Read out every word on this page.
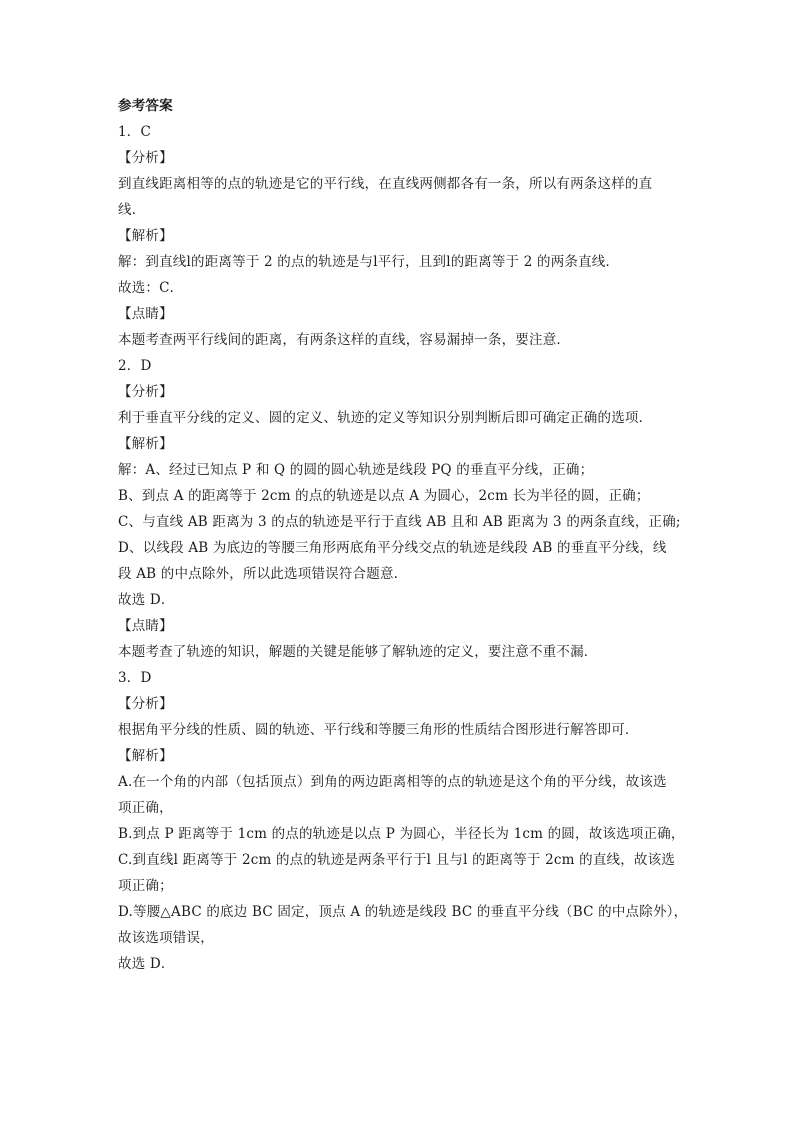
参考答案
1．C
【分析】
到直线距离相等的点的轨迹是它的平行线，在直线两侧都各有一条，所以有两条这样的直
线．
【解析】
解：到直线l的距离等于 2 的点的轨迹是与l平行，且到l的距离等于 2 的两条直线．
故选：C．
【点睛】
本题考查两平行线间的距离，有两条这样的直线，容易漏掉一条，要注意．
2．D
【分析】
利于垂直平分线的定义、圆的定义、轨迹的定义等知识分别判断后即可确定正确的选项．
【解析】
解：A、经过已知点 P 和 Q 的圆的圆心轨迹是线段 PQ 的垂直平分线，正确；
B、到点 A 的距离等于 2cm 的点的轨迹是以点 A 为圆心，2cm 长为半径的圆，正确；
C、与直线 AB 距离为 3 的点的轨迹是平行于直线 AB 且和 AB 距离为 3 的两条直线，正确;
D、以线段 AB 为底边的等腰三角形两底角平分线交点的轨迹是线段 AB 的垂直平分线，线
段 AB 的中点除外，所以此选项错误符合题意.
故选 D．
【点睛】
本题考查了轨迹的知识，解题的关键是能够了解轨迹的定义，要注意不重不漏．
3．D
【分析】
根据角平分线的性质、圆的轨迹、平行线和等腰三角形的性质结合图形进行解答即可．
【解析】
A.在一个角的内部（包括顶点）到角的两边距离相等的点的轨迹是这个角的平分线，故该选
项正确，
B.到点 P 距离等于 1cm 的点的轨迹是以点 P 为圆心，半径长为 1cm 的圆，故该选项正确，
C.到直线l 距离等于 2cm 的点的轨迹是两条平行于l 且与l 的距离等于 2cm 的直线，故该选
项正确；
D.等腰△ABC 的底边 BC 固定，顶点 A 的轨迹是线段 BC 的垂直平分线（BC 的中点除外），
故该选项错误，
故选 D．
